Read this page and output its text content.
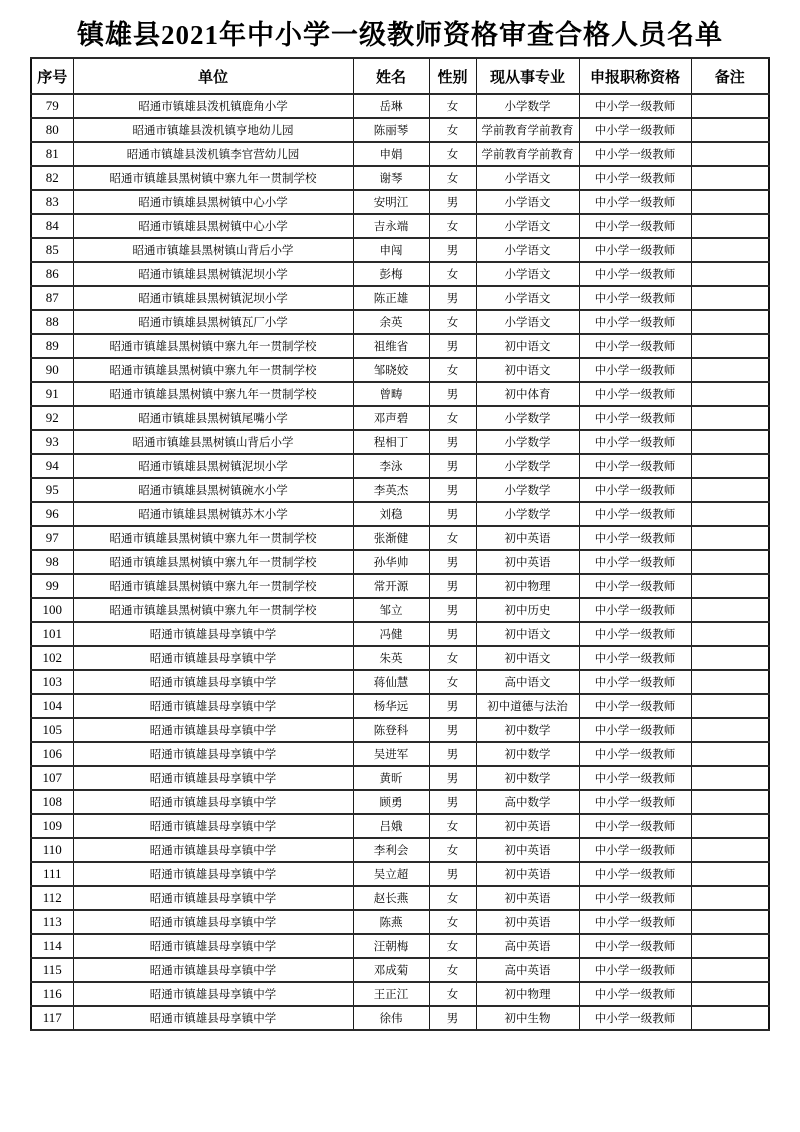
镇雄县2021年中小学一级教师资格审查合格人员名单
序号	单位	姓名	性别	现从事专业	申报职称资格	备注
79	昭通市镇雄县泼机镇鹿角小学	岳琳	女	小学数学	中小学一级教师	
80	昭通市镇雄县泼机镇亨地幼儿园	陈丽琴	女	学前教育学前教育	中小学一级教师	
81	昭通市镇雄县泼机镇李官营幼儿园	申娟	女	学前教育学前教育	中小学一级教师	
82	昭通市镇雄县黑树镇中寨九年一贯制学校	谢琴	女	小学语文	中小学一级教师	
83	昭通市镇雄县黑树镇中心小学	安明江	男	小学语文	中小学一级教师	
84	昭通市镇雄县黑树镇中心小学	吉永端	女	小学语文	中小学一级教师	
85	昭通市镇雄县黑树镇山背后小学	申闯	男	小学语文	中小学一级教师	
86	昭通市镇雄县黑树镇泥坝小学	彭梅	女	小学语文	中小学一级教师	
87	昭通市镇雄县黑树镇泥坝小学	陈正雄	男	小学语文	中小学一级教师	
88	昭通市镇雄县黑树镇瓦厂小学	余英	女	小学语文	中小学一级教师	
89	昭通市镇雄县黑树镇中寨九年一贯制学校	祖维省	男	初中语文	中小学一级教师	
90	昭通市镇雄县黑树镇中寨九年一贯制学校	邹晓姣	女	初中语文	中小学一级教师	
91	昭通市镇雄县黑树镇中寨九年一贯制学校	曾畴	男	初中体育	中小学一级教师	
92	昭通市镇雄县黑树镇尾嘴小学	邓声碧	女	小学数学	中小学一级教师	
93	昭通市镇雄县黑树镇山背后小学	程相丁	男	小学数学	中小学一级教师	
94	昭通市镇雄县黑树镇泥坝小学	李泳	男	小学数学	中小学一级教师	
95	昭通市镇雄县黑树镇碗水小学	李英杰	男	小学数学	中小学一级教师	
96	昭通市镇雄县黑树镇苏木小学	刘稳	男	小学数学	中小学一级教师	
97	昭通市镇雄县黑树镇中寨九年一贯制学校	张渐健	女	初中英语	中小学一级教师	
98	昭通市镇雄县黑树镇中寨九年一贯制学校	孙华帅	男	初中英语	中小学一级教师	
99	昭通市镇雄县黑树镇中寨九年一贯制学校	常开源	男	初中物理	中小学一级教师	
100	昭通市镇雄县黑树镇中寨九年一贯制学校	邹立	男	初中历史	中小学一级教师	
101	昭通市镇雄县母享镇中学	冯健	男	初中语文	中小学一级教师	
102	昭通市镇雄县母享镇中学	朱英	女	初中语文	中小学一级教师	
103	昭通市镇雄县母享镇中学	蒋仙慧	女	高中语文	中小学一级教师	
104	昭通市镇雄县母享镇中学	杨华远	男	初中道德与法治	中小学一级教师	
105	昭通市镇雄县母享镇中学	陈登科	男	初中数学	中小学一级教师	
106	昭通市镇雄县母享镇中学	吴进军	男	初中数学	中小学一级教师	
107	昭通市镇雄县母享镇中学	黄昕	男	初中数学	中小学一级教师	
108	昭通市镇雄县母享镇中学	顾勇	男	高中数学	中小学一级教师	
109	昭通市镇雄县母享镇中学	吕娥	女	初中英语	中小学一级教师	
110	昭通市镇雄县母享镇中学	李利会	女	初中英语	中小学一级教师	
111	昭通市镇雄县母享镇中学	吴立超	男	初中英语	中小学一级教师	
112	昭通市镇雄县母享镇中学	赵长燕	女	初中英语	中小学一级教师	
113	昭通市镇雄县母享镇中学	陈燕	女	初中英语	中小学一级教师	
114	昭通市镇雄县母享镇中学	汪朝梅	女	高中英语	中小学一级教师	
115	昭通市镇雄县母享镇中学	邓成菊	女	高中英语	中小学一级教师	
116	昭通市镇雄县母享镇中学	王正江	女	初中物理	中小学一级教师	
117	昭通市镇雄县母享镇中学	徐伟	男	初中生物	中小学一级教师	
